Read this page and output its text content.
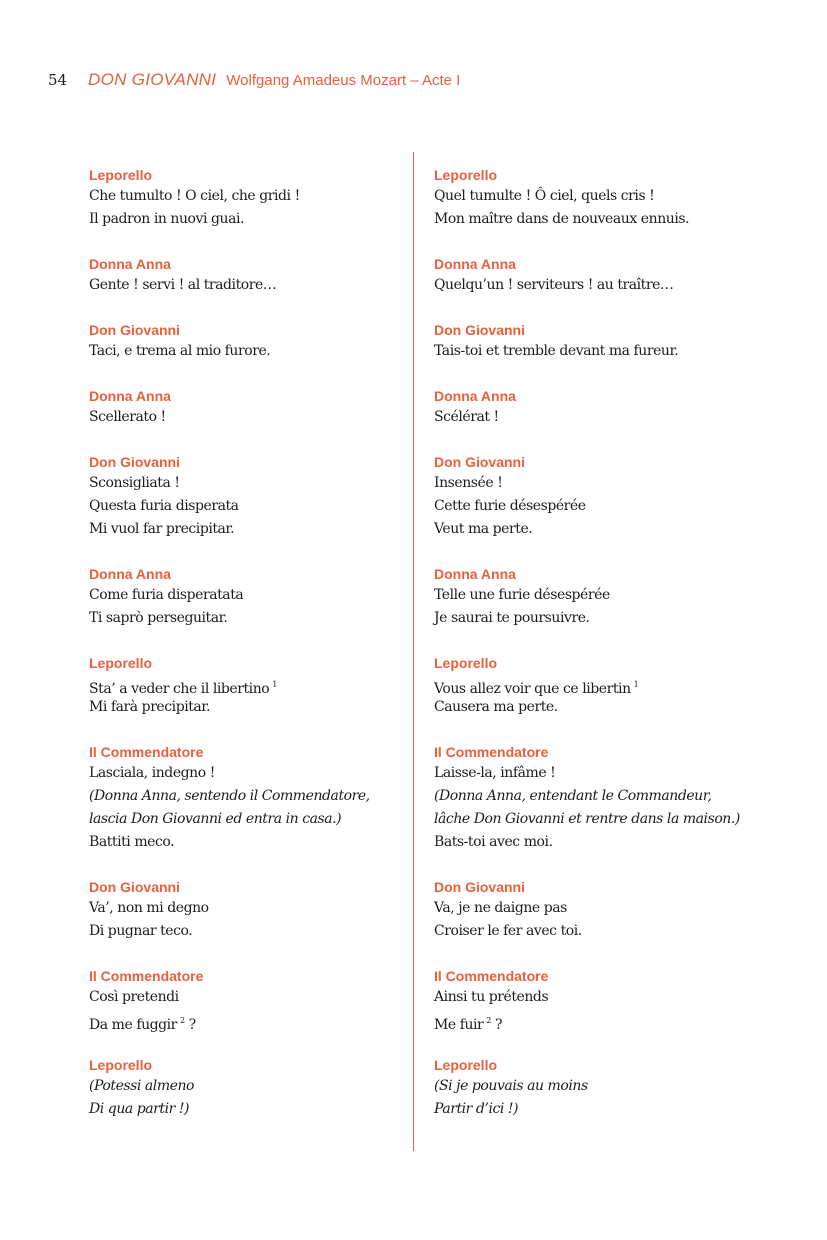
54	DON GIOVANNI Wolfgang Amadeus Mozart – Acte I
Leporello
Che tumulto ! O ciel, che gridi !
Il padron in nuovi guai.
Donna Anna
Gente ! servi ! al traditore…
Don Giovanni
Taci, e trema al mio furore.
Donna Anna
Scellerato !
Don Giovanni
Sconsigliata !
Questa furia disperata
Mi vuol far precipitar.
Donna Anna
Come furia disperatata
Ti saprò perseguitar.
Leporello
Sta’ a veder che il libertino $^1$
Mi farà precipitar.
Il Commendatore
Lasciala, indegno !
(Donna Anna, sentendo il Commendatore,
lascia Don Giovanni ed entra in casa.)
Battiti meco.
Don Giovanni
Va’, non mi degno
Di pugnar teco.
Il Commendatore
Così pretendi
Da me fuggir $^2$ ?
Leporello
(Potessi almeno
Di qua partir !)
Leporello
Quel tumulte ! Ô ciel, quels cris !
Mon maître dans de nouveaux ennuis.
Donna Anna
Quelqu’un ! serviteurs ! au traître…
Don Giovanni
Tais-toi et tremble devant ma fureur.
Donna Anna
Scélérat !
Don Giovanni
Insensée !
Cette furie désespérée
Veut ma perte.
Donna Anna
Telle une furie désespérée
Je saurai te poursuivre.
Leporello
Vous allez voir que ce libertin $^1$
Causera ma perte.
Il Commendatore
Laisse-la, infâme !
(Donna Anna, entendant le Commandeur,
lâche Don Giovanni et rentre dans la maison.)
Bats-toi avec moi.
Don Giovanni
Va, je ne daigne pas
Croiser le fer avec toi.
Il Commendatore
Ainsi tu prétends
Me fuir $^2$ ?
Leporello
(Si je pouvais au moins
Partir d’ici !)
